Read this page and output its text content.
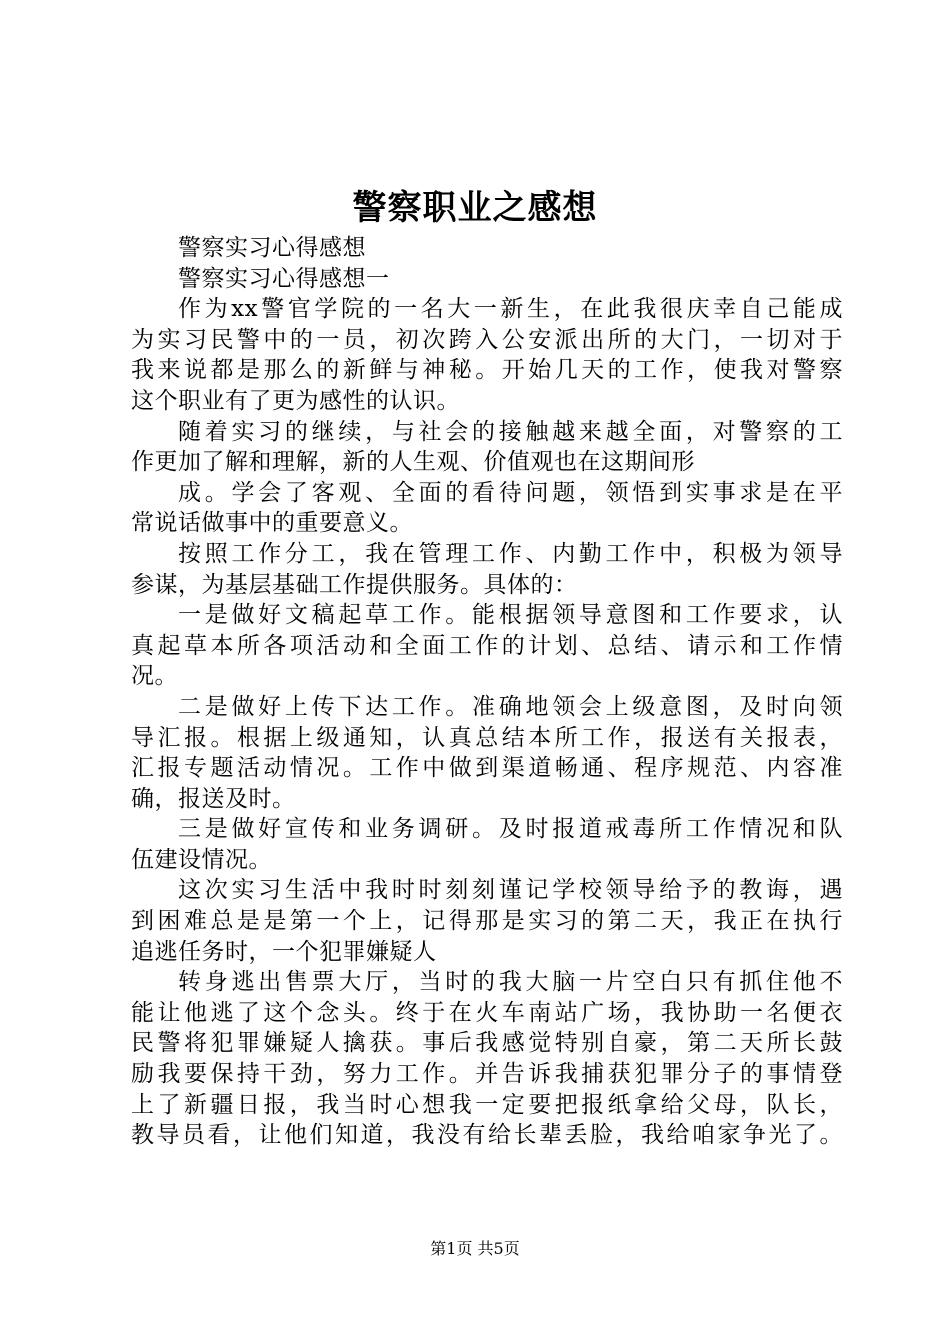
警察职业之感想
警察实习心得感想
警察实习心得感想一
作为xx警官学院的一名大一新生，在此我很庆幸自己能成
为实习民警中的一员，初次跨入公安派出所的大门，一切对于
我来说都是那么的新鲜与神秘。开始几天的工作，使我对警察
这个职业有了更为感性的认识。
随着实习的继续，与社会的接触越来越全面，对警察的工
作更加了解和理解，新的人生观、价值观也在这期间形
成。学会了客观、全面的看待问题，领悟到实事求是在平
常说话做事中的重要意义。
按照工作分工，我在管理工作、内勤工作中，积极为领导
参谋，为基层基础工作提供服务。具体的：
一是做好文稿起草工作。能根据领导意图和工作要求，认
真起草本所各项活动和全面工作的计划、总结、请示和工作情
况。
二是做好上传下达工作。准确地领会上级意图，及时向领
导汇报。根据上级通知，认真总结本所工作，报送有关报表，
汇报专题活动情况。工作中做到渠道畅通、程序规范、内容准
确，报送及时。
三是做好宣传和业务调研。及时报道戒毒所工作情况和队
伍建设情况。
这次实习生活中我时时刻刻谨记学校领导给予的教诲，遇
到困难总是是第一个上，记得那是实习的第二天，我正在执行
追逃任务时，一个犯罪嫌疑人
转身逃出售票大厅，当时的我大脑一片空白只有抓住他不
能让他逃了这个念头。终于在火车南站广场，我协助一名便衣
民警将犯罪嫌疑人擒获。事后我感觉特别自豪，第二天所长鼓
励我要保持干劲，努力工作。并告诉我捕获犯罪分子的事情登
上了新疆日报，我当时心想我一定要把报纸拿给父母，队长，
教导员看，让他们知道，我没有给长辈丢脸，我给咱家争光了。
第1页 共5页
